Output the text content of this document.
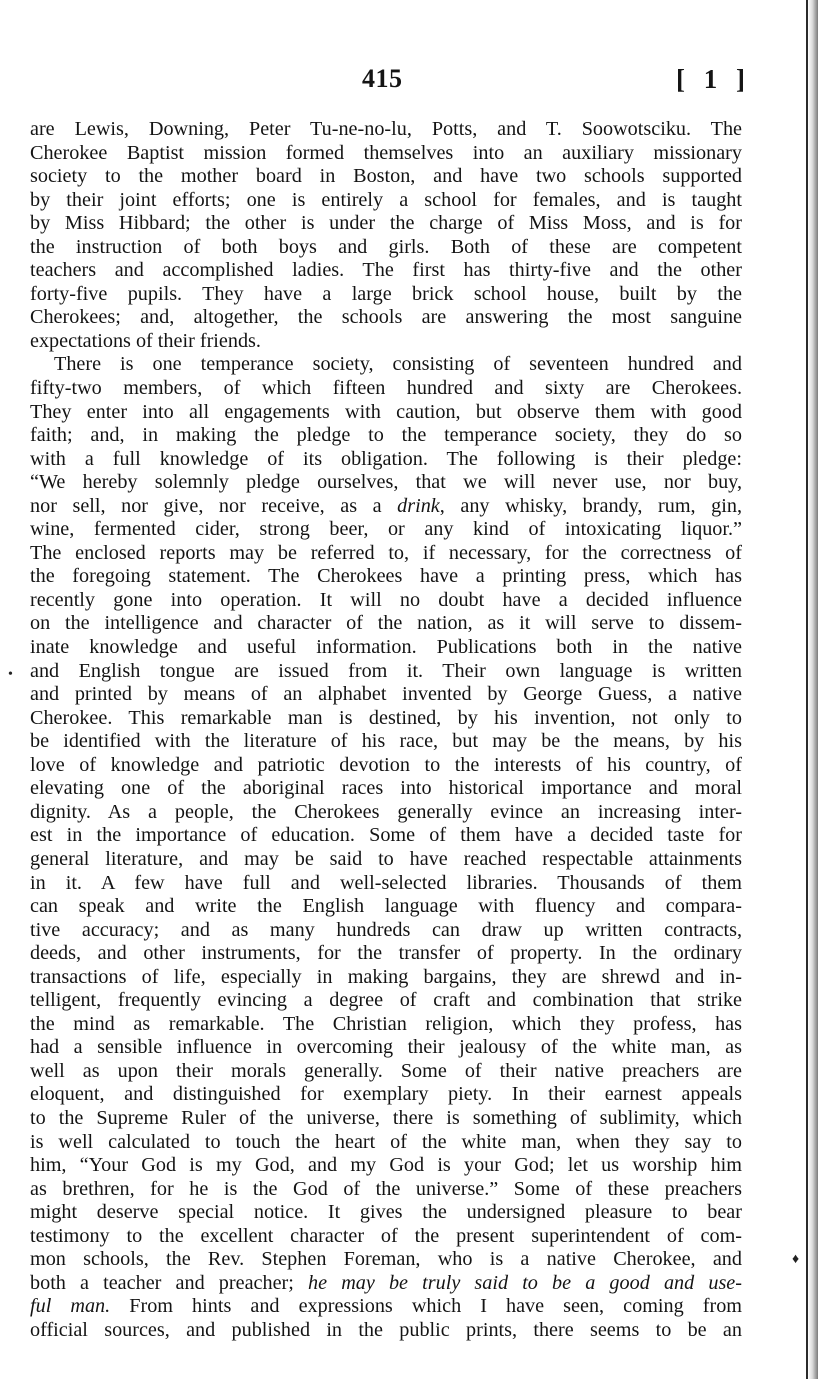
415	[ 1 ]
•
♦
are Lewis, Downing, Peter Tu-ne-no-lu, Potts, and T. Soowotsciku. The
Cherokee Baptist mission formed themselves into an auxiliary missionary
society to the mother board in Boston, and have two schools supported
by their joint efforts; one is entirely a school for females, and is taught
by Miss Hibbard; the other is under the charge of Miss Moss, and is for
the instruction of both boys and girls. Both of these are competent
teachers and accomplished ladies. The first has thirty-five and the other
forty-five pupils. They have a large brick school house, built by the
Cherokees; and, altogether, the schools are answering the most sanguine
expectations of their friends.
There is one temperance society, consisting of seventeen hundred and
fifty-two members, of which fifteen hundred and sixty are Cherokees.
They enter into all engagements with caution, but observe them with good
faith; and, in making the pledge to the temperance society, they do so
with a full knowledge of its obligation. The following is their pledge:
“We hereby solemnly pledge ourselves, that we will never use, nor buy,
nor sell, nor give, nor receive, as a drink, any whisky, brandy, rum, gin,
wine, fermented cider, strong beer, or any kind of intoxicating liquor.”
The enclosed reports may be referred to, if necessary, for the correctness of
the foregoing statement. The Cherokees have a printing press, which has
recently gone into operation. It will no doubt have a decided influence
on the intelligence and character of the nation, as it will serve to dissem-
inate knowledge and useful information. Publications both in the native
and English tongue are issued from it. Their own language is written
and printed by means of an alphabet invented by George Guess, a native
Cherokee. This remarkable man is destined, by his invention, not only to
be identified with the literature of his race, but may be the means, by his
love of knowledge and patriotic devotion to the interests of his country, of
elevating one of the aboriginal races into historical importance and moral
dignity. As a people, the Cherokees generally evince an increasing inter-
est in the importance of education. Some of them have a decided taste for
general literature, and may be said to have reached respectable attainments
in it. A few have full and well-selected libraries. Thousands of them
can speak and write the English language with fluency and compara-
tive accuracy; and as many hundreds can draw up written contracts,
deeds, and other instruments, for the transfer of property. In the ordinary
transactions of life, especially in making bargains, they are shrewd and in-
telligent, frequently evincing a degree of craft and combination that strike
the mind as remarkable. The Christian religion, which they profess, has
had a sensible influence in overcoming their jealousy of the white man, as
well as upon their morals generally. Some of their native preachers are
eloquent, and distinguished for exemplary piety. In their earnest appeals
to the Supreme Ruler of the universe, there is something of sublimity, which
is well calculated to touch the heart of the white man, when they say to
him, “Your God is my God, and my God is your God; let us worship him
as brethren, for he is the God of the universe.” Some of these preachers
might deserve special notice. It gives the undersigned pleasure to bear
testimony to the excellent character of the present superintendent of com-
mon schools, the Rev. Stephen Foreman, who is a native Cherokee, and
both a teacher and preacher; he may be truly said to be a good and use-
ful man. From hints and expressions which I have seen, coming from
official sources, and published in the public prints, there seems to be an
